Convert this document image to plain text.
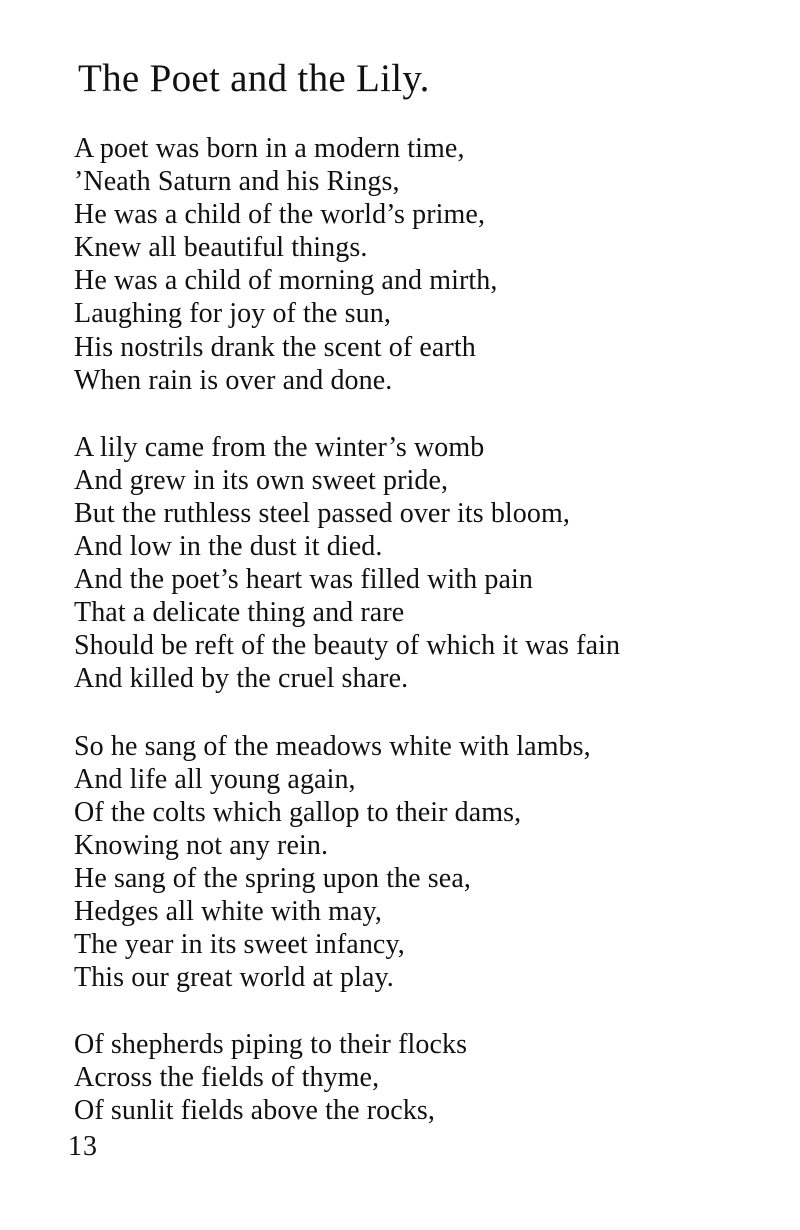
The Poet and the Lily.
A poet was born in a modern time,
’Neath Saturn and his Rings,
He was a child of the world’s prime,
Knew all beautiful things.
He was a child of morning and mirth,
Laughing for joy of the sun,
His nostrils drank the scent of earth
When rain is over and done.
A lily came from the winter’s womb
And grew in its own sweet pride,
But the ruthless steel passed over its bloom,
And low in the dust it died.
And the poet’s heart was filled with pain
That a delicate thing and rare
Should be reft of the beauty of which it was fain
And killed by the cruel share.
So he sang of the meadows white with lambs,
And life all young again,
Of the colts which gallop to their dams,
Knowing not any rein.
He sang of the spring upon the sea,
Hedges all white with may,
The year in its sweet infancy,
This our great world at play.
Of shepherds piping to their flocks
Across the fields of thyme,
Of sunlit fields above the rocks,
13
